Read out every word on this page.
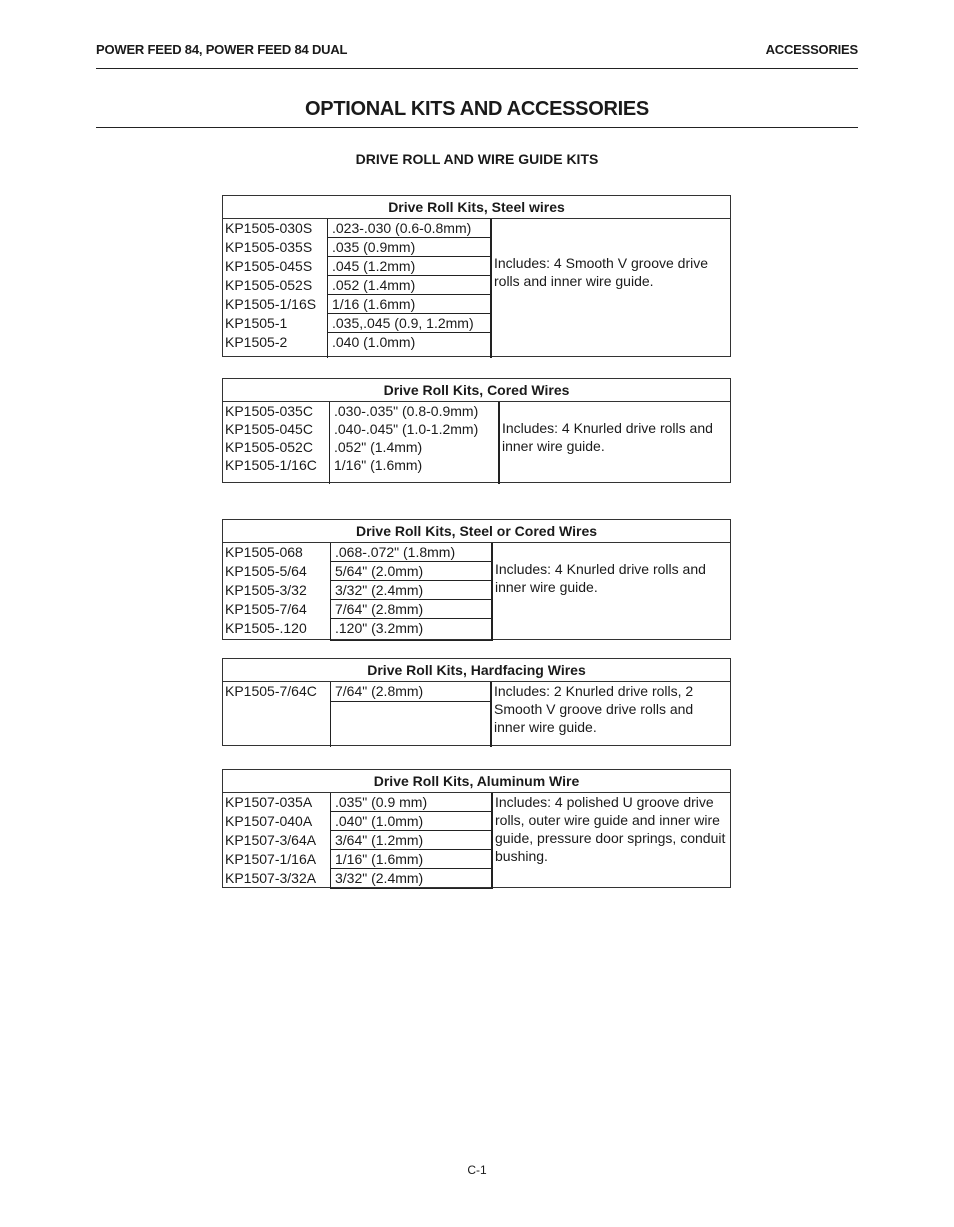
POWER FEED 84, POWER FEED 84 DUAL	ACCESSORIES
OPTIONAL KITS AND ACCESSORIES
DRIVE ROLL AND WIRE GUIDE KITS
Drive Roll Kits, Steel wires
KP1505-030S	.023-.030 (0.6-0.8mm)
KP1505-035S	.035 (0.9mm)
KP1505-045S	.045 (1.2mm)
KP1505-052S	.052 (1.4mm)
KP1505-1/16S	1/16 (1.6mm)
KP1505-1	.035,.045 (0.9, 1.2mm)
KP1505-2	.040 (1.0mm)
Includes: 4 Smooth V groove drive rolls and inner wire guide.
Drive Roll Kits, Cored Wires
KP1505-035C	.030-.035" (0.8-0.9mm)
KP1505-045C	.040-.045" (1.0-1.2mm)
KP1505-052C	.052" (1.4mm)
KP1505-1/16C	1/16" (1.6mm)
Includes: 4 Knurled drive rolls and inner wire guide.
Drive Roll Kits, Steel or Cored Wires
KP1505-068	.068-.072" (1.8mm)
KP1505-5/64	5/64" (2.0mm)
KP1505-3/32	3/32" (2.4mm)
KP1505-7/64	7/64" (2.8mm)
KP1505-.120	.120" (3.2mm)
Includes: 4 Knurled drive rolls and inner wire guide.
Drive Roll Kits, Hardfacing Wires
KP1505-7/64C	7/64" (2.8mm)	Includes: 2 Knurled drive rolls, 2 Smooth V groove drive rolls and inner wire guide.
Drive Roll Kits, Aluminum Wire
KP1507-035A	.035" (0.9 mm)
KP1507-040A	.040" (1.0mm)
KP1507-3/64A	3/64" (1.2mm)
KP1507-1/16A	1/16" (1.6mm)
KP1507-3/32A	3/32" (2.4mm)
Includes: 4 polished U groove drive rolls, outer wire guide and inner wire guide, pressure door springs, conduit bushing.
C-1
